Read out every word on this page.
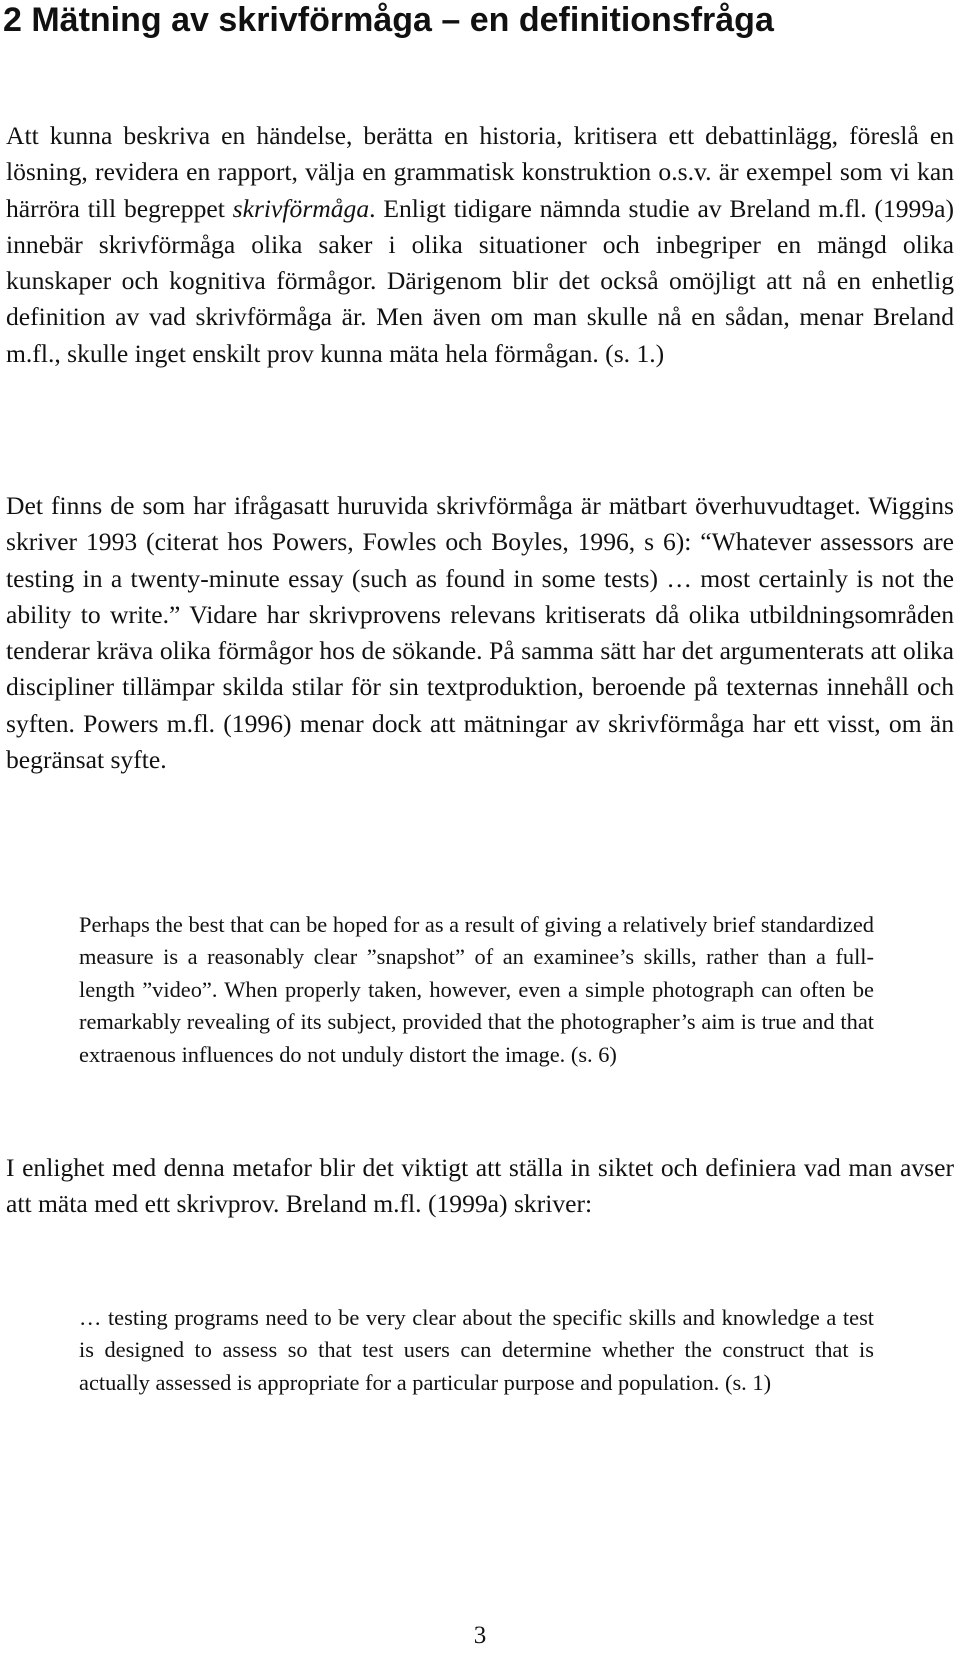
2 Mätning av skrivförmåga – en definitionsfråga

Att kunna beskriva en händelse, berätta en historia, kritisera ett debattinlägg, föreslå en lösning, revidera en rapport, välja en grammatisk konstruktion o.s.v. är exempel som vi kan härröra till begreppet skrivförmåga. Enligt tidigare nämnda studie av Breland m.fl. (1999a) innebär skrivförmåga olika saker i olika situationer och inbegriper en mängd olika kunskaper och kognitiva förmågor. Därigenom blir det också omöjligt att nå en enhetlig definition av vad skrivförmåga är. Men även om man skulle nå en sådan, menar Breland m.fl., skulle inget enskilt prov kunna mäta hela förmågan. (s. 1.)

Det finns de som har ifrågasatt huruvida skrivförmåga är mätbart överhuvudtaget. Wiggins skriver 1993 (citerat hos Powers, Fowles och Boyles, 1996, s 6): “Whatever assessors are testing in a twenty-minute essay (such as found in some tests) … most certainly is not the ability to write.” Vidare har skrivprovens relevans kritiserats då olika utbildningsområden tenderar kräva olika förmågor hos de sökande. På samma sätt har det argumenterats att olika discipliner tillämpar skilda stilar för sin textproduktion, beroende på texternas innehåll och syften. Powers m.fl. (1996) menar dock att mätningar av skrivförmåga har ett visst, om än begränsat syfte.

Perhaps the best that can be hoped for as a result of giving a relatively brief standardized measure is a reasonably clear ”snapshot” of an examinee’s skills, rather than a full-length ”video”. When properly taken, however, even a simple photograph can often be remarkably revealing of its subject, provided that the photographer’s aim is true and that extraenous influences do not unduly distort the image. (s. 6)

I enlighet med denna metafor blir det viktigt att ställa in siktet och definiera vad man avser att mäta med ett skrivprov. Breland m.fl. (1999a) skriver:

… testing programs need to be very clear about the specific skills and knowledge a test is designed to assess so that test users can determine whether the construct that is actually assessed is appropriate for a particular purpose and population. (s. 1)

3
